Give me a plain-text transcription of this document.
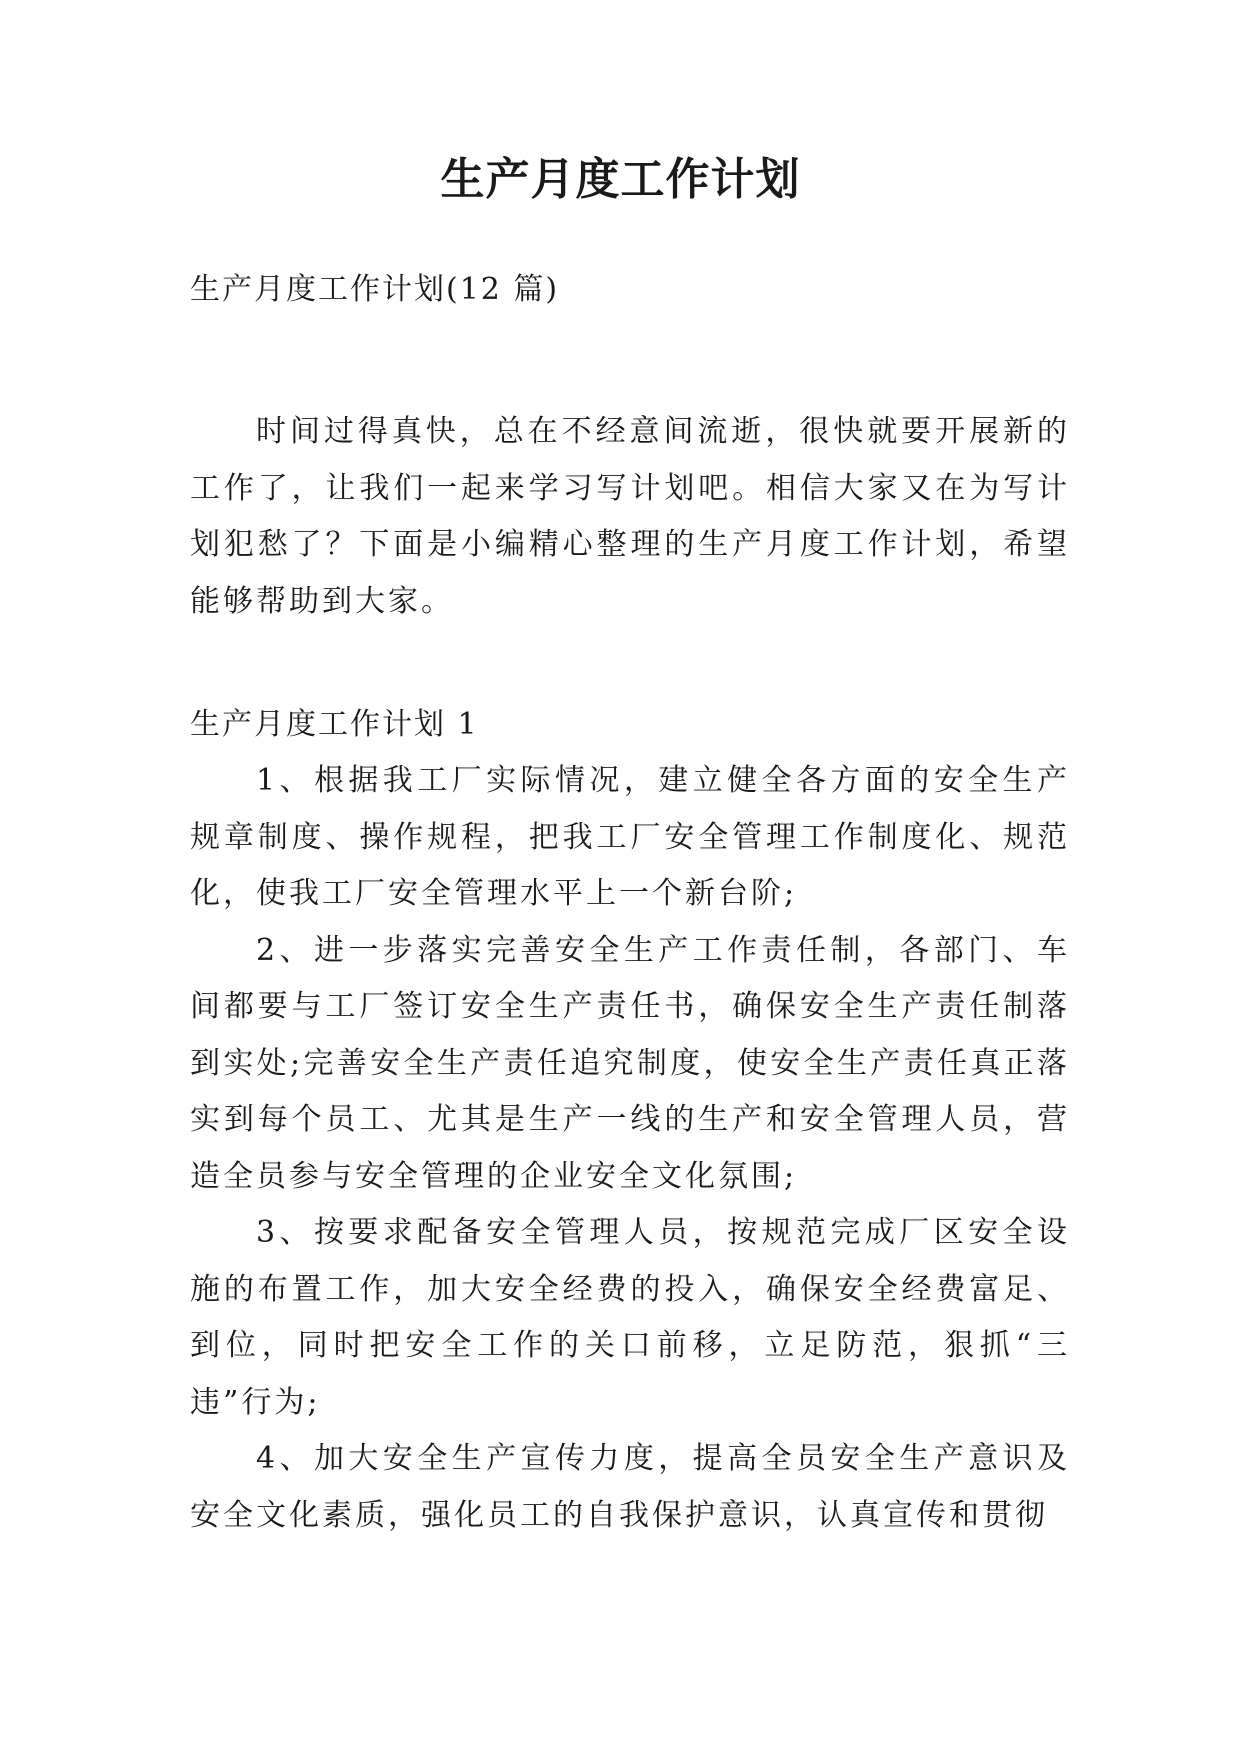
生产月度工作计划

生产月度工作计划(12 篇)

时间过得真快，总在不经意间流逝，很快就要开展新的工作了，让我们一起来学习写计划吧。相信大家又在为写计划犯愁了？下面是小编精心整理的生产月度工作计划，希望能够帮助到大家。

生产月度工作计划 1

1、根据我工厂实际情况，建立健全各方面的安全生产规章制度、操作规程，把我工厂安全管理工作制度化、规范化，使我工厂安全管理水平上一个新台阶;

2、进一步落实完善安全生产工作责任制，各部门、车间都要与工厂签订安全生产责任书，确保安全生产责任制落到实处;完善安全生产责任追究制度，使安全生产责任真正落实到每个员工、尤其是生产一线的生产和安全管理人员，营造全员参与安全管理的企业安全文化氛围;

3、按要求配备安全管理人员，按规范完成厂区安全设施的布置工作，加大安全经费的投入，确保安全经费富足、到位，同时把安全工作的关口前移，立足防范，狠抓“三违”行为;

4、加大安全生产宣传力度，提高全员安全生产意识及安全文化素质，强化员工的自我保护意识，认真宣传和贯彻
